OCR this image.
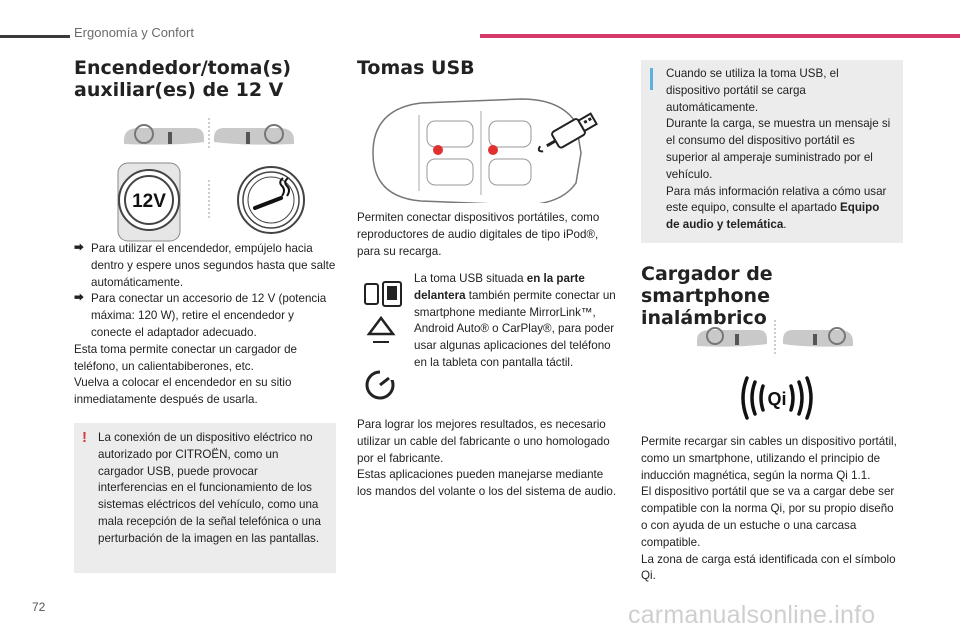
Ergonomía y Confort
Encendedor/toma(s)
auxiliar(es) de 12 V
12V
⮕ Para utilizar el encendedor, empújelo hacia dentro y espere unos segundos hasta que salte automáticamente.
⮕ Para conectar un accesorio de 12 V (potencia máxima: 120 W), retire el encendedor y conecte el adaptador adecuado.

Esta toma permite conectar un cargador de teléfono, un calientabiberones, etc.

Vuelva a colocar el encendedor en su sitio inmediatamente después de usarla.

! La conexión de un dispositivo eléctrico no autorizado por CITROËN, como un cargador USB, puede provocar interferencias en el funcionamiento de los sistemas eléctricos del vehículo, como una mala recepción de la señal telefónica o una perturbación de la imagen en las pantallas.

Tomas USB

Permiten conectar dispositivos portátiles, como reproductores de audio digitales de tipo iPod®, para su recarga.

La toma USB situada en la parte delantera también permite conectar un smartphone mediante MirrorLink™, Android Auto® o CarPlay®, para poder usar algunas aplicaciones del teléfono en la tableta con pantalla táctil.

Para lograr los mejores resultados, es necesario utilizar un cable del fabricante o uno homologado por el fabricante.

Estas aplicaciones pueden manejarse mediante los mandos del volante o los del sistema de audio.

Cuando se utiliza la toma USB, el dispositivo portátil se carga automáticamente.

Durante la carga, se muestra un mensaje si el consumo del dispositivo portátil es superior al amperaje suministrado por el vehículo.

Para más información relativa a cómo usar este equipo, consulte el apartado Equipo de audio y telemática.

Cargador de smartphone
inalámbrico
Qi

Permite recargar sin cables un dispositivo portátil, como un smartphone, utilizando el principio de inducción magnética, según la norma Qi 1.1.

El dispositivo portátil que se va a cargar debe ser compatible con la norma Qi, por su propio diseño o con ayuda de un estuche o una carcasa compatible.

La zona de carga está identificada con el símbolo Qi.

72	carmanualsonline.info
